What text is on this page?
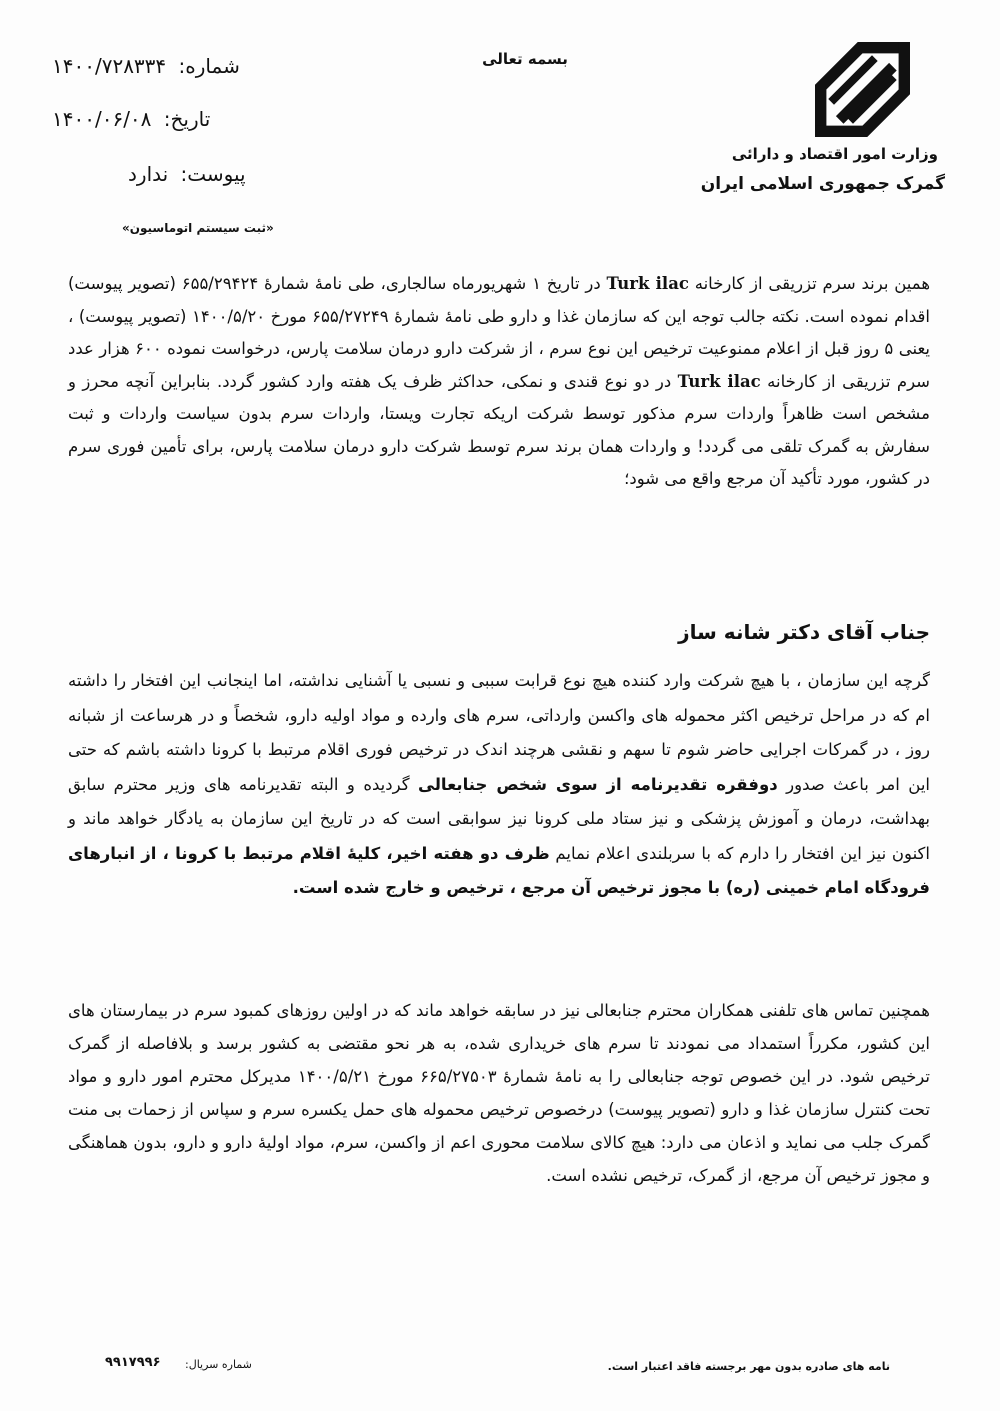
وزارت امور اقتصاد و دارائی
گمرک جمهوری اسلامی ایران
بسمه تعالی
شماره: ۱۴۰۰/۷۲۸۳۳۴
تاریخ: ۱۴۰۰/۰۶/۰۸
پیوست: ندارد
«ثبت سیستم اتوماسیون»
همین برند سرم تزریقی از کارخانه Turk ilac در تاریخ ۱ شهریورماه سالجاری، طی نامهٔ شمارهٔ ۶۵۵/۲۹۴۲۴ (تصویر پیوست) اقدام نموده است. نکته جالب توجه این که سازمان غذا و دارو طی نامهٔ شمارهٔ ۶۵۵/۲۷۲۴۹ مورخ ۱۴۰۰/۵/۲۰ (تصویر پیوست) ، یعنی ۵ روز قبل از اعلام ممنوعیت ترخیص این نوع سرم ، از شرکت دارو درمان سلامت پارس، درخواست نموده ۶۰۰ هزار عدد سرم تزریقی از کارخانه Turk ilac در دو نوع قندی و نمکی، حداکثر ظرف یک هفته وارد کشور گردد. بنابراین آنچه محرز و مشخص است ظاهراً واردات سرم مذکور توسط شرکت اریکه تجارت ویستا، واردات سرم بدون سیاست واردات و ثبت سفارش به گمرک تلقی می گردد! و واردات همان برند سرم توسط شرکت دارو درمان سلامت پارس، برای تأمین فوری سرم در کشور، مورد تأکید آن مرجع واقع می شود؛
جناب آقای دکتر شانه ساز
گرچه این سازمان ، با هیچ شرکت وارد کننده هیچ نوع قرابت سببی و نسبی یا آشنایی نداشته، اما اینجانب این افتخار را داشته ام که در مراحل ترخیص اکثر محموله های واکسن وارداتی، سرم های وارده و مواد اولیه دارو، شخصاً و در هرساعت از شبانه روز ، در گمرکات اجرایی حاضر شوم تا سهم و نقشی هرچند اندک در ترخیص فوری اقلام مرتبط با کرونا داشته باشم که حتی این امر باعث صدور دوفقره تقدیرنامه از سوی شخص جنابعالی گردیده و البته تقدیرنامه های وزیر محترم سابق بهداشت، درمان و آموزش پزشکی و نیز ستاد ملی کرونا نیز سوابقی است که در تاریخ این سازمان به یادگار خواهد ماند و اکنون نیز این افتخار را دارم که با سربلندی اعلام نمایم ظرف دو هفته اخیر، کلیهٔ اقلام مرتبط با کرونا ، از انبارهای فرودگاه امام خمینی (ره) با مجوز ترخیص آن مرجع ، ترخیص و خارج شده است.
همچنین تماس های تلفنی همکاران محترم جنابعالی نیز در سابقه خواهد ماند که در اولین روزهای کمبود سرم در بیمارستان های این کشور، مکرراً استمداد می نمودند تا سرم های خریداری شده، به هر نحو مقتضی به کشور برسد و بلافاصله از گمرک ترخیص شود. در این خصوص توجه جنابعالی را به نامهٔ شمارهٔ ۶۶۵/۲۷۵۰۳ مورخ ۱۴۰۰/۵/۲۱ مدیرکل محترم امور دارو و مواد تحت کنترل سازمان غذا و دارو (تصویر پیوست) درخصوص ترخیص محموله های حمل یکسره سرم و سپاس از زحمات بی منت گمرک جلب می نماید و اذعان می دارد: هیچ کالای سلامت محوری اعم از واکسن، سرم، مواد اولیهٔ دارو و دارو، بدون هماهنگی و مجوز ترخیص آن مرجع، از گمرک، ترخیص نشده است.
نامه های صادره بدون مهر برجسته فاقد اعتبار است.
شماره سریال:
۹۹۱۷۹۹۶
